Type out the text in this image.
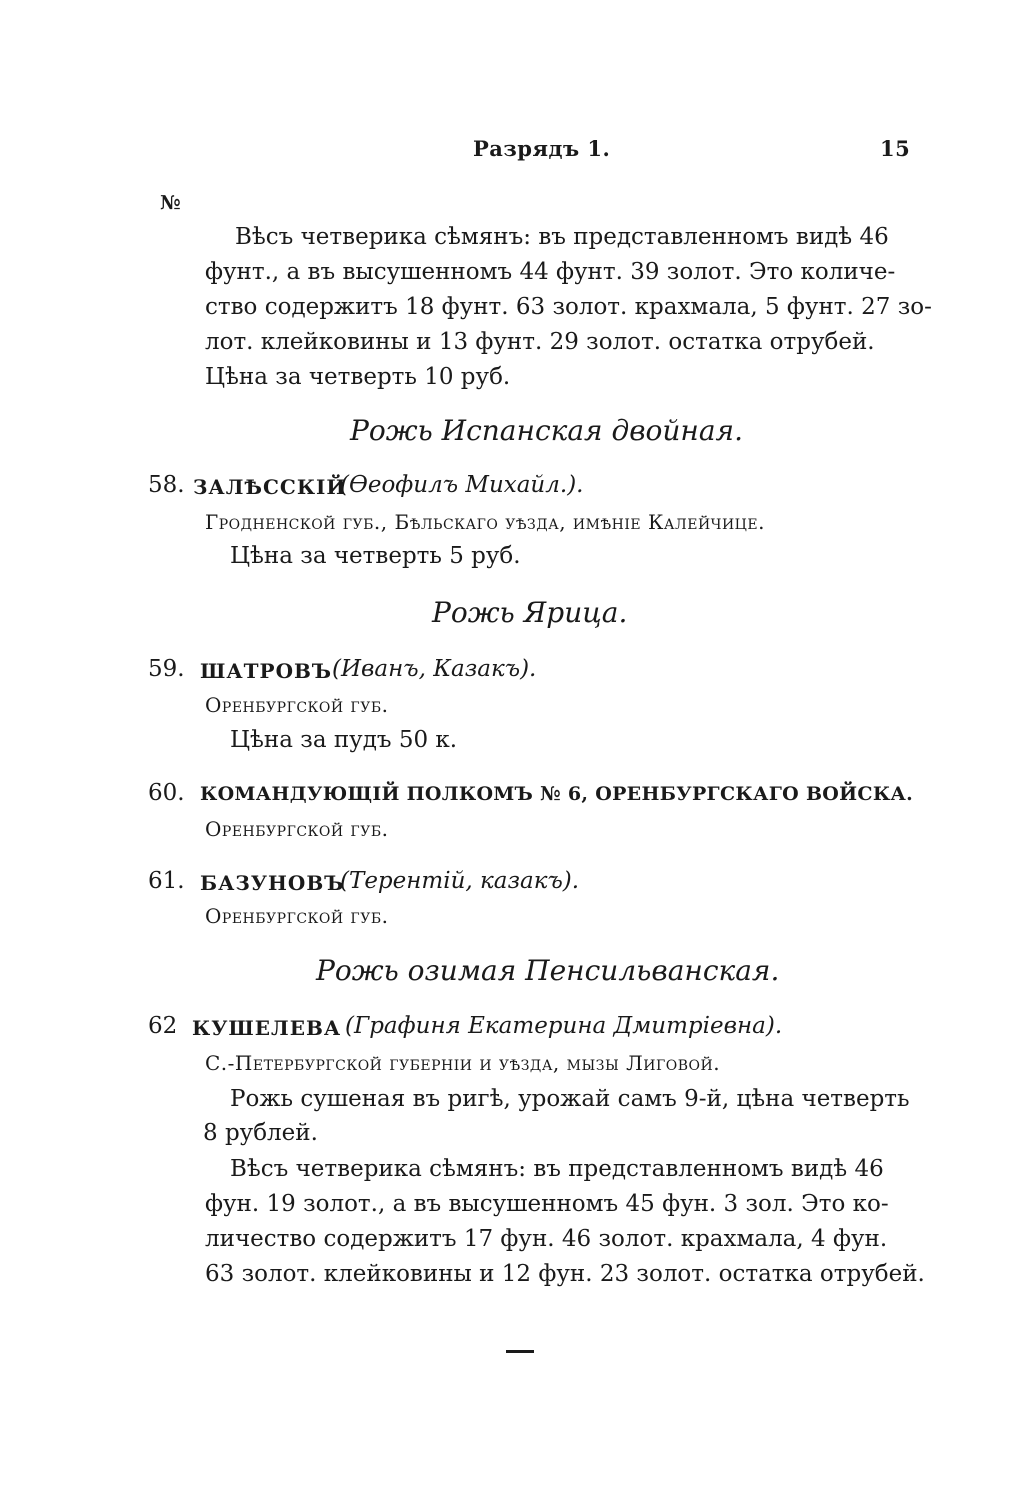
Разрядъ 1.	15
№
Вѣсъ четверика сѣмянъ: въ представленномъ видѣ 46
фунт., а въ высушенномъ 44 фунт. 39 золот. Это количе-
ство содержитъ 18 фунт. 63 золот. крахмала, 5 фунт. 27 зо-
лот. клейковины и 13 фунт. 29 золот. остатка отрубей.
Цѣна за четверть 10 руб.
Рожь Испанская двойная.
58. ЗАЛѢССКІЙ
(Ѳеофилъ Михайл.).
Гродненской губ., Бѣльскаго уѣзда, имѣніе Калейчице.
Цѣна за четверть 5 руб.
Рожь Ярица.
59. ШАТРОВЪ (Иванъ, Казакъ).
Оренбургской губ.
Цѣна за пудъ 50 к.
60. КОМАНДУЮЩІЙ ПОЛКОМЪ № 6, ОРЕНБУРГСКАГО ВОЙСКА.
Оренбургской губ.
61. БАЗУНОВЪ
(Терентій, казакъ).
Оренбургской губ.
Рожь озимая Пенсильванская.
62 КУШЕЛЕВА (Графиня Екатерина Дмитріевна).
С.-Петербургской губерніи и уѣзда, мызы Лиговой.
Рожь сушеная въ ригѣ, урожай самъ 9-й, цѣна четверть
8 рублей.
Вѣсъ четверика сѣмянъ: въ представленномъ видѣ 46
фун. 19 золот., а въ высушенномъ 45 фун. 3 зол. Это ко-
личество содержитъ 17 фун. 46 золот. крахмала, 4 фун.
63 золот. клейковины и 12 фун. 23 золот. остатка отрубей.
